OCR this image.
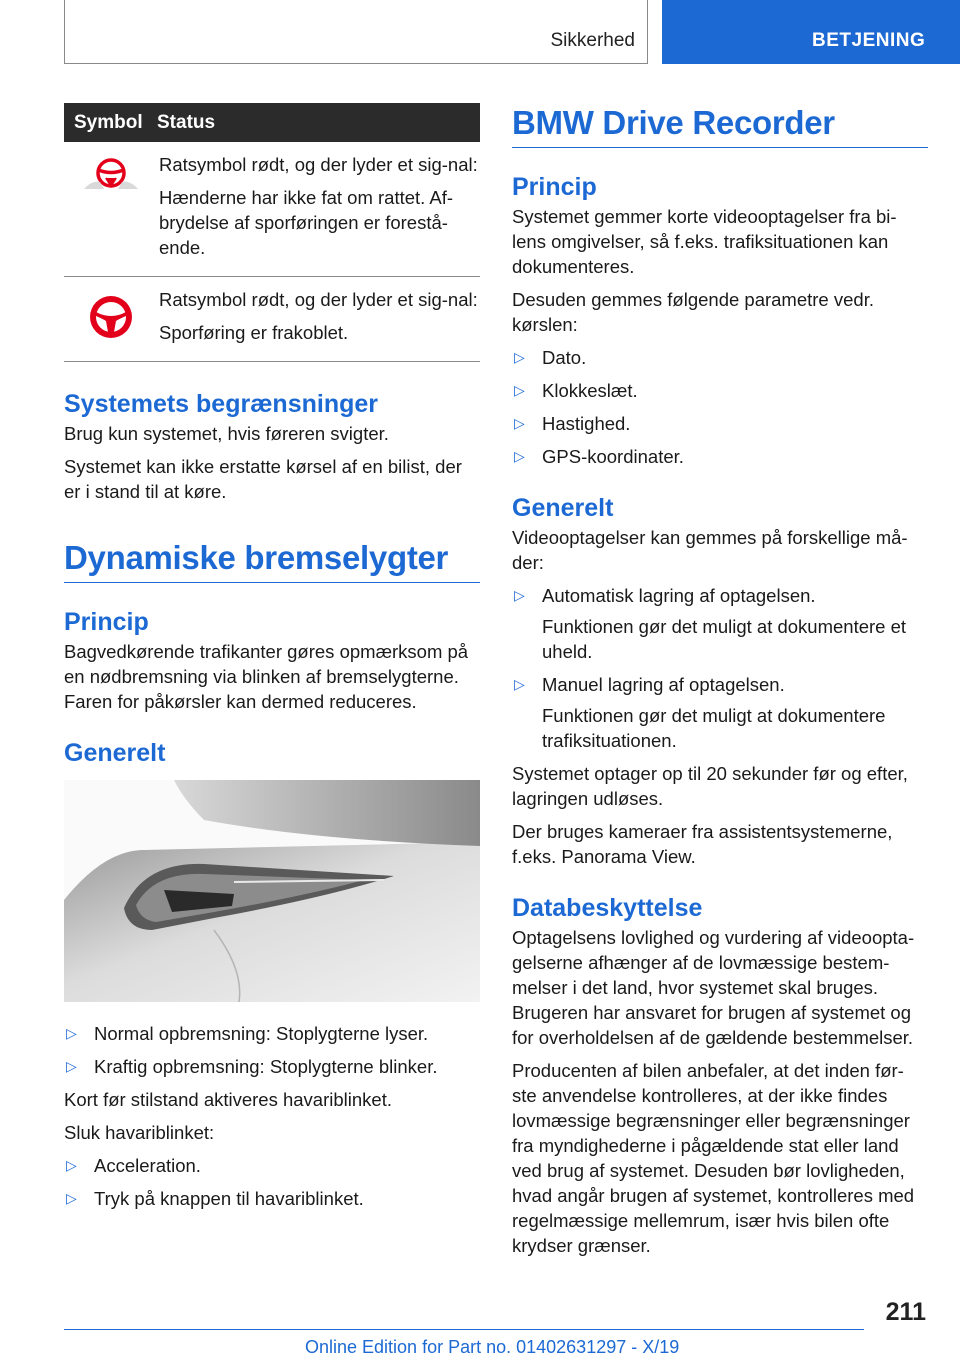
Sikkerhed	BETJENING
Symbol	Status

Ratsymbol rødt, og der lyder et sig-nal:

Hænderne har ikke fat om rattet. Af-brydelse af sporføringen er forestå-ende.

Ratsymbol rødt, og der lyder et sig-nal:

Sporføring er frakoblet.

Systemets begrænsninger

Brug kun systemet, hvis føreren svigter.

Systemet kan ikke erstatte kørsel af en bilist, der er i stand til at køre.

Dynamiske bremselygter
Princip

Bagvedkørende trafikanter gøres opmærksom på en nødbremsning via blinken af bremselygterne. Faren for påkørsler kan dermed reduceres.

Generelt
▷ Normal opbremsning: Stoplygterne lyser.
▷ Kraftig opbremsning: Stoplygterne blinker.

Kort før stilstand aktiveres havariblinket.

Sluk havariblinket:

▷ Acceleration.
▷ Tryk på knappen til havariblinket.
BMW Drive Recorder
Princip

Systemet gemmer korte videooptagelser fra bi-lens omgivelser, så f.eks. trafiksituationen kan dokumenteres.

Desuden gemmes følgende parametre vedr. kørslen:

▷ Dato.
▷ Klokkeslæt.
▷ Hastighed.
▷ GPS-koordinater.
Generelt

Videooptagelser kan gemmes på forskellige må-der:

▷ Automatisk lagring af optagelsen.
Funktionen gør det muligt at dokumentere et uheld.
▷ Manuel lagring af optagelsen.
Funktionen gør det muligt at dokumentere trafiksituationen.

Systemet optager op til 20 sekunder før og efter, lagringen udløses.

Der bruges kameraer fra assistentsystemerne, f.eks. Panorama View.

Databeskyttelse

Optagelsens lovlighed og vurdering af videoopta-gelserne afhænger af de lovmæssige bestem-melser i det land, hvor systemet skal bruges. Brugeren har ansvaret for brugen af systemet og for overholdelsen af de gældende bestemmelser.

Producenten af bilen anbefaler, at det inden før-ste anvendelse kontrolleres, at der ikke findes lovmæssige begrænsninger eller begrænsninger fra myndighederne i pågældende stat eller land ved brug af systemet. Desuden bør lovligheden, hvad angår brugen af systemet, kontrolleres med regelmæssige mellemrum, især hvis bilen ofte krydser grænser.

211
Online Edition for Part no. 01402631297 - X/19
